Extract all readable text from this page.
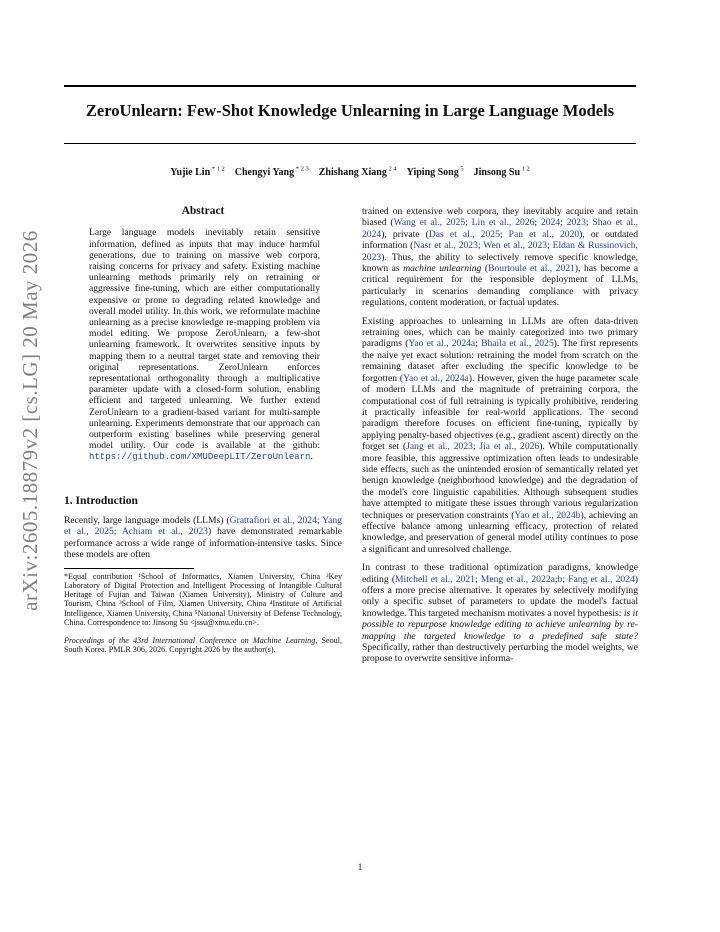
arXiv:2605.18879v2 [cs.LG] 20 May 2026
ZeroUnlearn: Few-Shot Knowledge Unlearning in Large Language Models
Yujie Lin $^{* 1 2}$  Chengyi Yang $^{* 2 3}$  Zhishang Xiang $^{2 4}$  Yiping Song $^5$  Jinsong Su $^{1 2}$
Abstract
Large language models inevitably retain sensitive information, defined as inputs that may induce harmful generations, due to training on massive web corpora, raising concerns for privacy and safety. Existing machine unlearning methods primarily rely on retraining or aggressive fine-tuning, which are either computationally expensive or prone to degrading related knowledge and overall model utility. In this work, we reformulate machine unlearning as a precise knowledge re-mapping problem via model editing. We propose ZeroUnlearn, a few-shot unlearning framework. It overwrites sensitive inputs by mapping them to a neutral target state and removing their original representations. ZeroUnlearn enforces representational orthogonality through a multiplicative parameter update with a closed-form solution, enabling efficient and targeted unlearning. We further extend ZeroUnlearn to a gradient-based variant for multi-sample unlearning. Experiments demonstrate that our approach can outperform existing baselines while preserving general model utility. Our code is available at the github: https://github.com/XMUDeepLIT/ZeroUnlearn.
1. Introduction
Recently, large language models (LLMs) (Grattafiori et al., 2024; Yang et al., 2025; Achiam et al., 2023) have demonstrated remarkable performance across a wide range of information-intensive tasks. Since these models are often
*Equal contribution ¹School of Informatics, Xiamen University, China ²Key Laboratory of Digital Protection and Intelligent Processing of Intangible Cultural Heritage of Fujian and Taiwan (Xiamen University), Ministry of Culture and Tourism, China ³School of Film, Xiamen University, China ⁴Institute of Artificial Intelligence, Xiamen University, China ⁵National University of Defense Technology, China. Correspondence to: Jinsong Su <jssu@xmu.edu.cn>.
Proceedings of the 43rd International Conference on Machine Learning, Seoul, South Korea. PMLR 306, 2026. Copyright 2026 by the author(s).
trained on extensive web corpora, they inevitably acquire and retain biased (Wang et al., 2025; Lin et al., 2026; 2024; 2023; Shao et al., 2024), private (Das et al., 2025; Pan et al., 2020), or outdated information (Nasr et al., 2023; Wen et al., 2023; Eldan & Russinovich, 2023). Thus, the ability to selectively remove specific knowledge, known as machine unlearning (Bourtoule et al., 2021), has become a critical requirement for the responsible deployment of LLMs, particularly in scenarios demanding compliance with privacy regulations, content moderation, or factual updates.
Existing approaches to unlearning in LLMs are often data-driven retraining ones, which can be mainly categorized into two primary paradigms (Yao et al., 2024a; Bhaila et al., 2025). The first represents the naive yet exact solution: retraining the model from scratch on the remaining dataset after excluding the specific knowledge to be forgotten (Yao et al., 2024a). However, given the huge parameter scale of modern LLMs and the magnitude of pretraining corpora, the computational cost of full retraining is typically prohibitive, rendering it practically infeasible for real-world applications. The second paradigm therefore focuses on efficient fine-tuning, typically by applying penalty-based objectives (e.g., gradient ascent) directly on the forget set (Jang et al., 2023; Jia et al., 2026). While computationally more feasible, this aggressive optimization often leads to undesirable side effects, such as the unintended erosion of semantically related yet benign knowledge (neighborhood knowledge) and the degradation of the model's core linguistic capabilities. Although subsequent studies have attempted to mitigate these issues through various regularization techniques or preservation constraints (Yao et al., 2024b), achieving an effective balance among unlearning efficacy, protection of related knowledge, and preservation of general model utility continues to pose a significant and unresolved challenge.
In contrast to these traditional optimization paradigms, knowledge editing (Mitchell et al., 2021; Meng et al., 2022a;b; Fang et al., 2024) offers a more precise alternative. It operates by selectively modifying only a specific subset of parameters to update the model's factual knowledge. This targeted mechanism motivates a novel hypothesis: is it possible to repurpose knowledge editing to achieve unlearning by re-mapping the targeted knowledge to a predefined safe state? Specifically, rather than destructively perturbing the model weights, we propose to overwrite sensitive informa-
1
